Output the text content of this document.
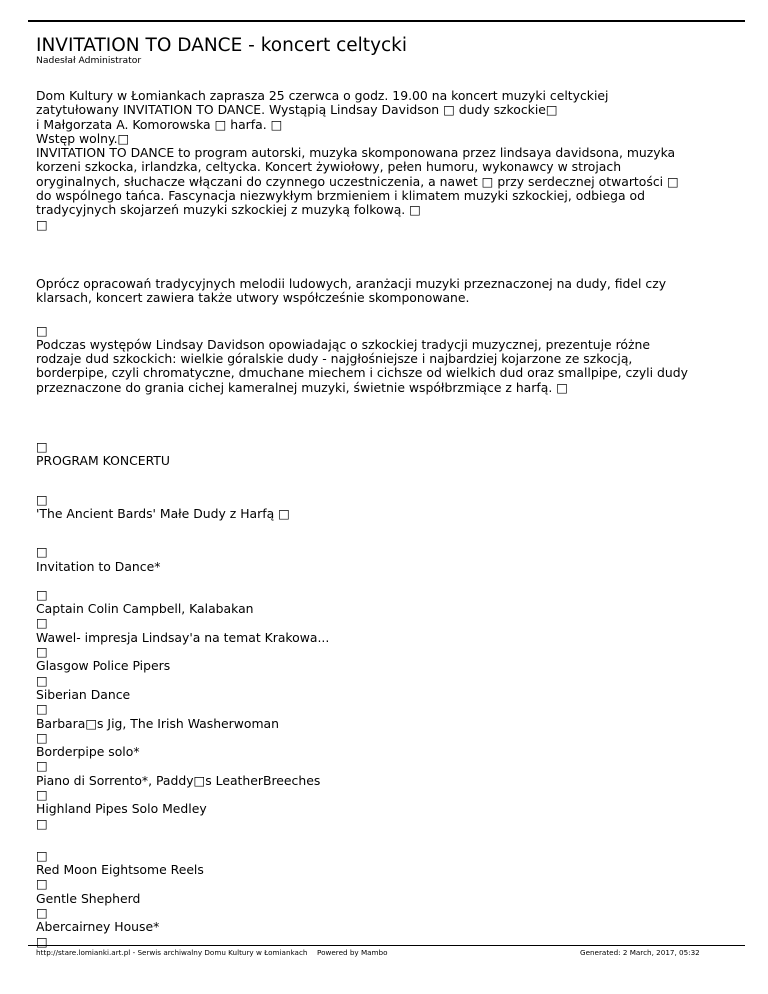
INVITATION TO DANCE - koncert celtycki
Nadesłał Administrator
Dom Kultury w Łomiankach zaprasza 25 czerwca o godz. 19.00 na koncert muzyki celtyckiej
zatytułowany INVITATION TO DANCE. Wystąpią Lindsay Davidson □ dudy szkockie□
i Małgorzata A. Komorowska □ harfa. □
Wstęp wolny.□
INVITATION TO DANCE to program autorski, muzyka skomponowana przez lindsaya davidsona, muzyka
korzeni szkocka, irlandzka, celtycka. Koncert żywiołowy, pełen humoru, wykonawcy w strojach
oryginalnych, słuchacze włączani do czynnego uczestniczenia, a nawet □ przy serdecznej otwartości □
do wspólnego tańca. Fascynacja niezwykłym brzmieniem i klimatem muzyki szkockiej, odbiega od
tradycyjnych skojarzeń muzyki szkockiej z muzyką folkową. □
□
Oprócz opracowań tradycyjnych melodii ludowych, aranżacji muzyki przeznaczonej na dudy, fidel czy
klarsach, koncert zawiera także utwory współcześnie skomponowane.
□
Podczas występów Lindsay Davidson opowiadając o szkockiej tradycji muzycznej, prezentuje różne
rodzaje dud szkockich: wielkie góralskie dudy - najgłośniejsze i najbardziej kojarzone ze szkocją,
borderpipe, czyli chromatyczne, dmuchane miechem i cichsze od wielkich dud oraz smallpipe, czyli dudy
przeznaczone do grania cichej kameralnej muzyki, świetnie współbrzmiące z harfą. □
□
PROGRAM KONCERTU
□
'The Ancient Bards' Małe Dudy z Harfą □
□
Invitation to Dance*
□
Captain Colin Campbell, Kalabakan
□
Wawel- impresja Lindsay'a na temat Krakowa...
□
Glasgow Police Pipers
□
Siberian Dance
□
Barbara□s Jig, The Irish Washerwoman
□
Borderpipe solo*
□
Piano di Sorrento*, Paddy□s LeatherBreeches
□
Highland Pipes Solo Medley
□
□
Red Moon Eightsome Reels
□
Gentle Shepherd
□
Abercairney House*
□
http://stare.lomianki.art.pl - Serwis archiwalny Domu Kultury w Łomiankach Powered by Mambo	Generated: 2 March, 2017, 05:32
